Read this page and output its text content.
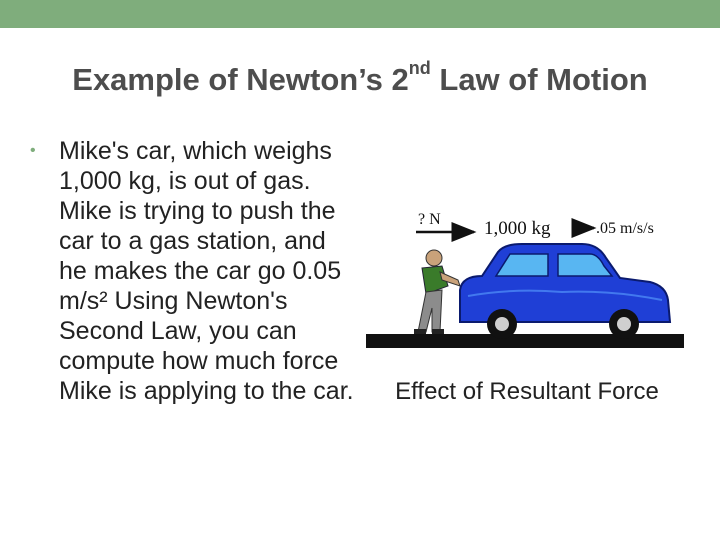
Example of Newton’s 2nd Law of Motion
• Mike's car, which weighs 1,000 kg, is out of gas. Mike is trying to push the car to a gas station, and he makes the car go 0.05 m/s² Using Newton's Second Law, you can compute how much force Mike is applying to the car.
? N 1,000 kg	.05 m/s/s
Effect of Resultant Force
